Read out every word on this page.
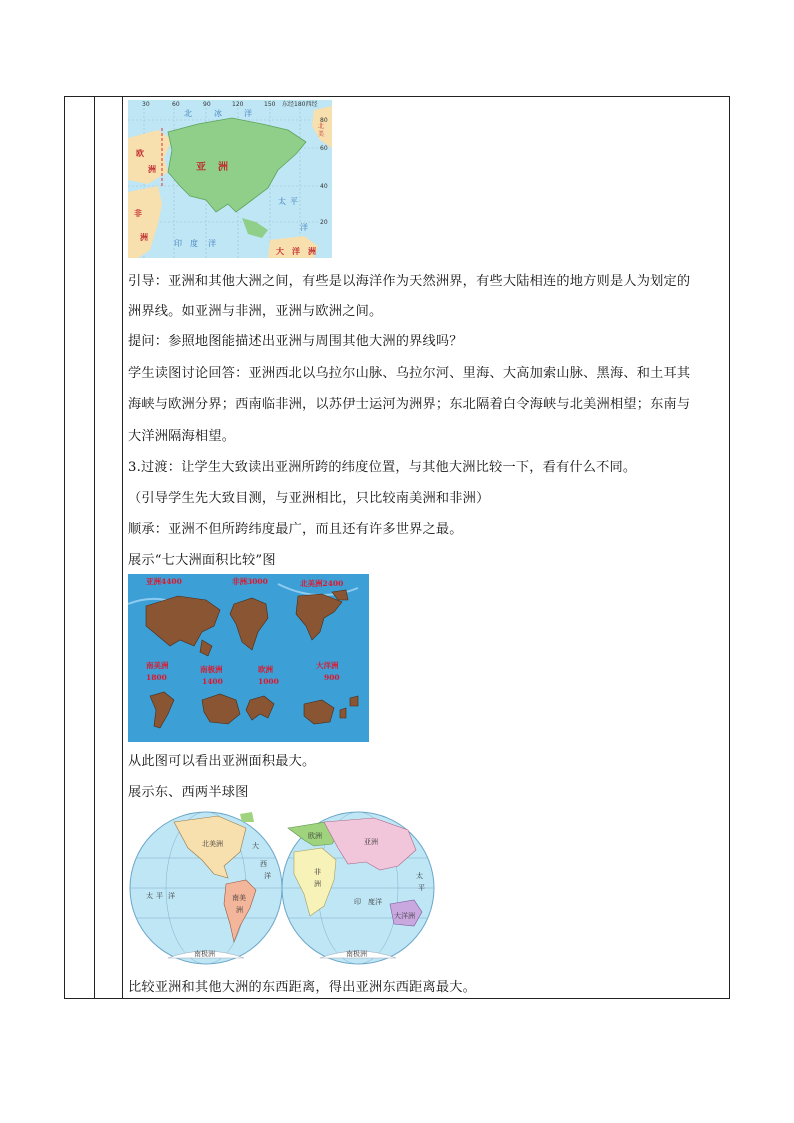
30	60	90	120	150 东经180西经
80
60
40
20
北	冰	洋
欧
洲	亚 洲
非
洲
印 度 洋
太 平
洋
大 洋 洲
北
美
引导：亚洲和其他大洲之间，有些是以海洋作为天然洲界，有些大陆相连的地方则是人为划定的
洲界线。如亚洲与非洲，亚洲与欧洲之间。
提问：参照地图能描述出亚洲与周围其他大洲的界线吗？
学生读图讨论回答：亚洲西北以乌拉尔山脉、乌拉尔河、里海、大高加索山脉、黑海、和土耳其
海峡与欧洲分界；西南临非洲，以苏伊士运河为洲界；东北隔着白令海峡与北美洲相望；东南与
大洋洲隔海相望。
3.过渡：让学生大致读出亚洲所跨的纬度位置，与其他大洲比较一下，看有什么不同。
（引导学生先大致目测，与亚洲相比，只比较南美洲和非洲）
顺承：亚洲不但所跨纬度最广，而且还有许多世界之最。
展示“七大洲面积比较”图
亚洲4400	非洲3000	北美洲2400
南美洲
1800
南极洲
1400
欧洲
1000
大洋洲
900
从此图可以看出亚洲面积最大。
展示东、西两半球图
北美洲	大
西
洋
太 平 洋	南美
洲
南极洲
欧洲
亚洲
非
洲
印 度洋
太
平
大洋洲
南极洲
比较亚洲和其他大洲的东西距离，得出亚洲东西距离最大。
